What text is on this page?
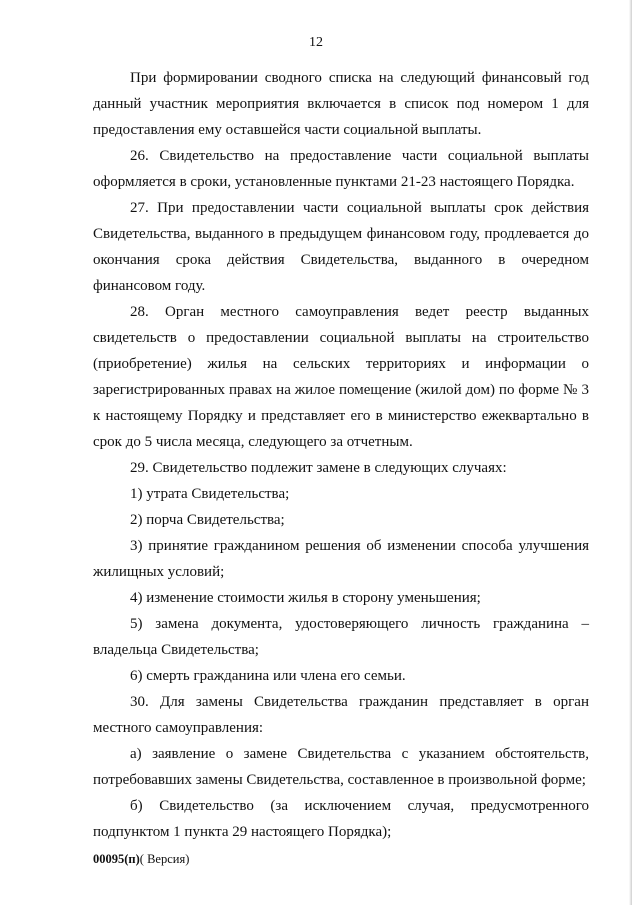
12

При формировании сводного списка на следующий финансовый год данный участник мероприятия включается в список под номером 1 для предоставления ему оставшейся части социальной выплаты.

26. Свидетельство на предоставление части социальной выплаты оформляется в сроки, установленные пунктами 21-23 настоящего Порядка.

27. При предоставлении части социальной выплаты срок действия Свидетельства, выданного в предыдущем финансовом году, продлевается до окончания срока действия Свидетельства, выданного в очередном финансовом году.

28. Орган местного самоуправления ведет реестр выданных свидетельств о предоставлении социальной выплаты на строительство (приобретение) жилья на сельских территориях и информации о зарегистрированных правах на жилое помещение (жилой дом) по форме № 3 к настоящему Порядку и представляет его в министерство ежеквартально в срок до 5 числа месяца, следующего за отчетным.

29. Свидетельство подлежит замене в следующих случаях:

1) утрата Свидетельства;

2) порча Свидетельства;

3) принятие гражданином решения об изменении способа улучшения жилищных условий;

4) изменение стоимости жилья в сторону уменьшения;

5) замена документа, удостоверяющего личность гражданина – владельца Свидетельства;

6) смерть гражданина или члена его семьи.

30. Для замены Свидетельства гражданин представляет в орган местного самоуправления:

а) заявление о замене Свидетельства с указанием обстоятельств, потребовавших замены Свидетельства, составленное в произвольной форме;

б) Свидетельство (за исключением случая, предусмотренного подпунктом 1 пункта 29 настоящего Порядка);

00095(п)( Версия)
